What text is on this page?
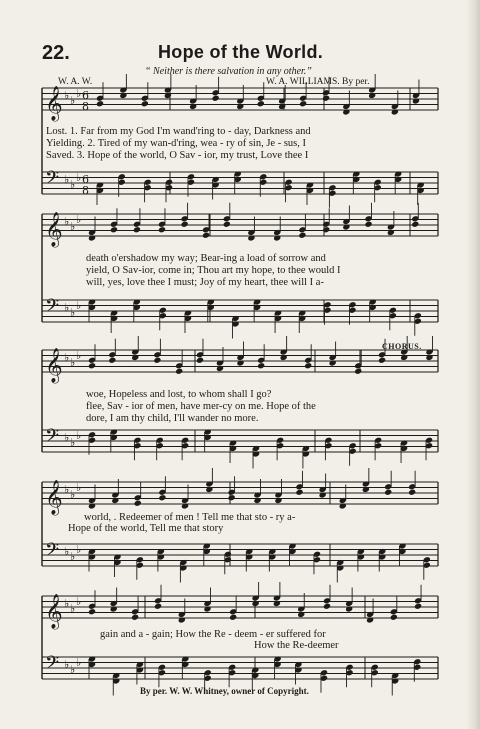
22.	Hope of the World.
“ Neither is there salvation in any other.”
W. A. W.	W. A. WILLIAMS. By per.
𝄞 ♭ ♭
♭ 6
8
𝄢 ♭ ♭
♭ 6
8
𝄞 ♭ ♭
♭
𝄢 ♭ ♭
♭
𝄞 ♭ ♭
♭
𝄢 ♭ ♭
♭
𝄞 ♭ ♭
♭
𝄢 ♭ ♭
♭
𝄞 ♭ ♭
♭
𝄢 ♭ ♭
♭
CHORUS.
Lost. 1. Far from my God I'm wand'ring to - day, Darkness and
Yielding. 2. Tired of my wan-d'ring, wea - ry of sin, Je - sus, I
Saved. 3. Hope of the world, O Sav - ior, my trust, Love thee I
death o'ershadow my way; Bear-ing a load of sorrow and
yield, O Sav-ior, come in; Thou art my hope, to thee would I
will, yes, love thee I must; Joy of my heart, thee will I a-
woe, Hopeless and lost, to whom shall I go?
flee, Sav - ior of men, have mer-cy on me. Hope of the
dore, I am thy child, I'll wander no more.
world, . Redeemer of men ! Tell me that sto - ry a-
Hope of the world, Tell me that story
gain and a - gain; How the Re - deem - er suffered for
How the Re-deemer
By per. W. W. Whitney, owner of Copyright.
